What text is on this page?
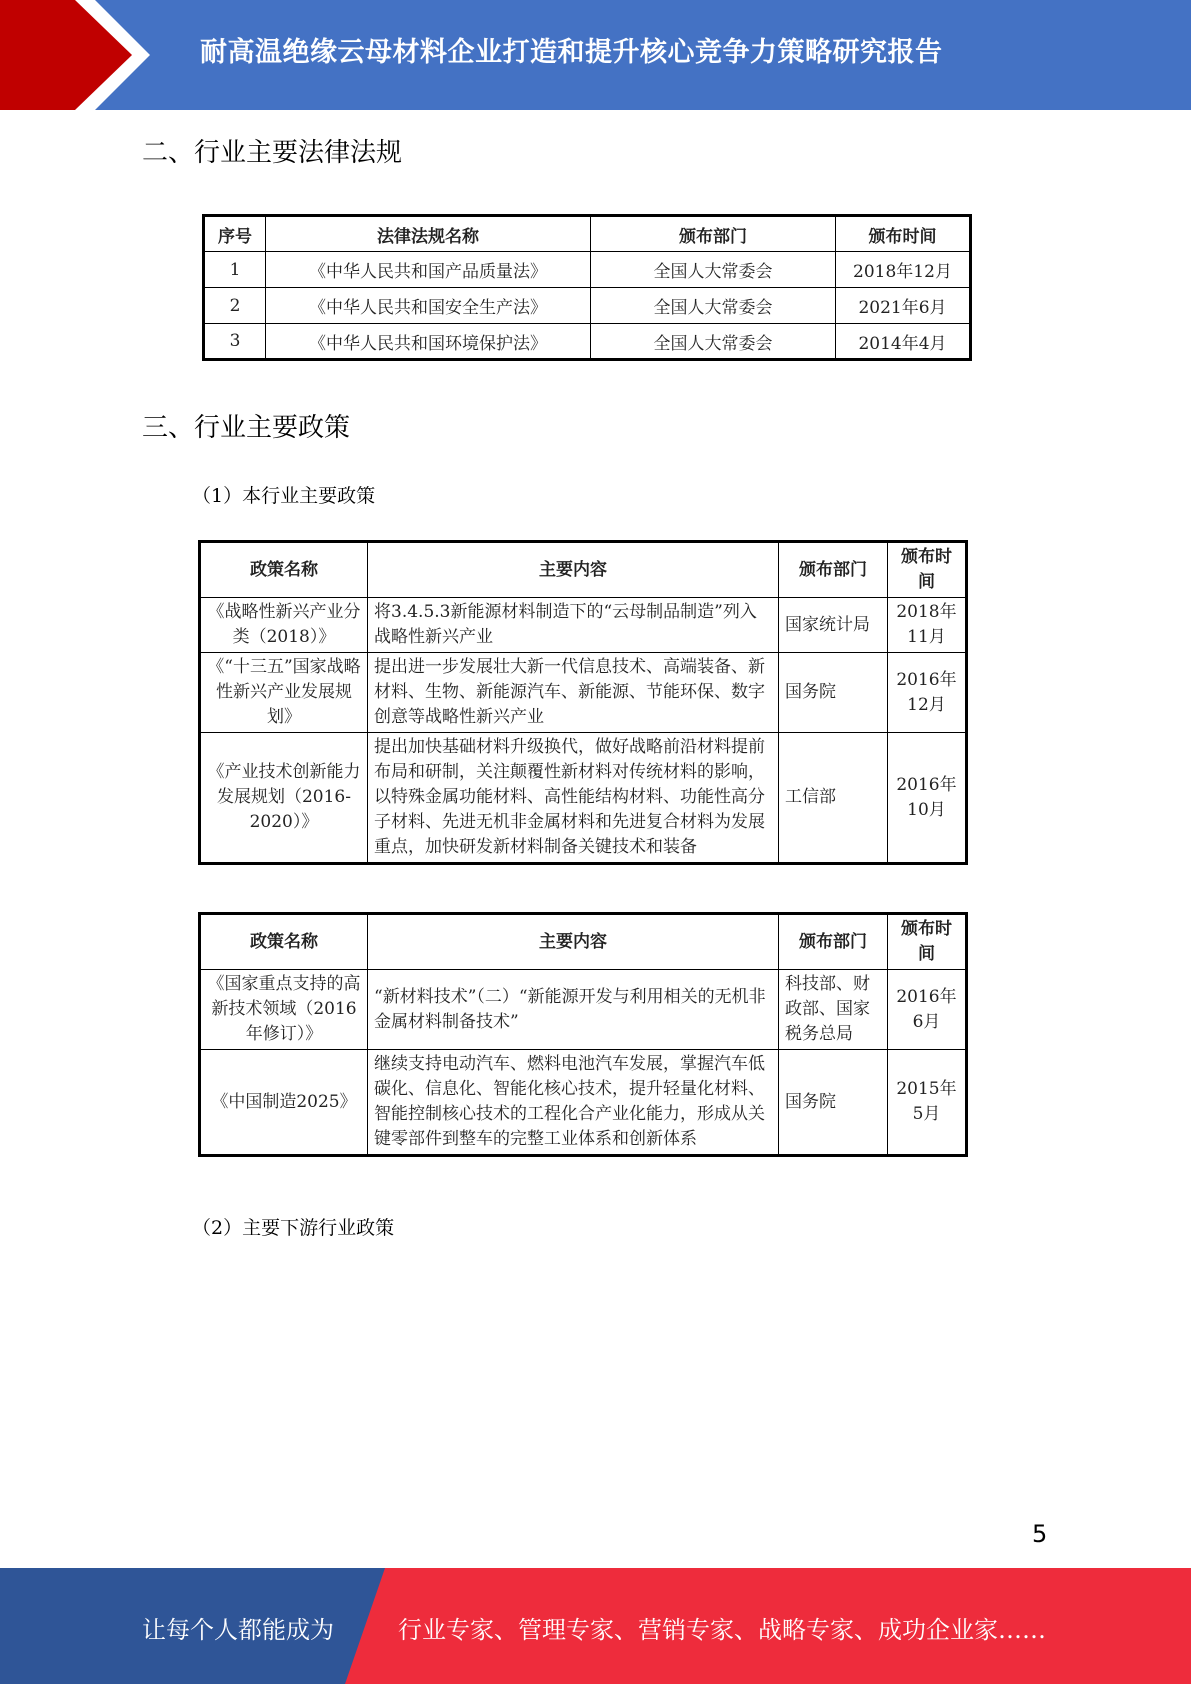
耐高温绝缘云母材料企业打造和提升核心竞争力策略研究报告
二、行业主要法律法规
序号	法律法规名称	颁布部门	颁布时间
1	《中华人民共和国产品质量法》	全国人大常委会	2018年12月
2	《中华人民共和国安全生产法》	全国人大常委会	2021年6月
3	《中华人民共和国环境保护法》	全国人大常委会	2014年4月
三、行业主要政策
（1）本行业主要政策
政策名称	主要内容	颁布部门	颁布时间
《战略性新兴产业分类（2018）》	将3.4.5.3新能源材料制造下的“云母制品制造”列入战略性新兴产业	国家统计局	2018年11月
《“十三五”国家战略性新兴产业发展规划》	提出进一步发展壮大新一代信息技术、高端装备、新材料、生物、新能源汽车、新能源、节能环保、数字创意等战略性新兴产业	国务院	2016年12月
《产业技术创新能力发展规划（2016-2020）》	提出加快基础材料升级换代，做好战略前沿材料提前布局和研制，关注颠覆性新材料对传统材料的影响，以特殊金属功能材料、高性能结构材料、功能性高分子材料、先进无机非金属材料和先进复合材料为发展重点，加快研发新材料制备关键技术和装备	工信部	2016年10月
政策名称	主要内容	颁布部门	颁布时间
《国家重点支持的高新技术领域（2016年修订）》	“新材料技术”（二）“新能源开发与利用相关的无机非金属材料制备技术”	科技部、财政部、国家税务总局	2016年6月
《中国制造2025》	继续支持电动汽车、燃料电池汽车发展，掌握汽车低碳化、信息化、智能化核心技术，提升轻量化材料、智能控制核心技术的工程化合产业化能力，形成从关键零部件到整车的完整工业体系和创新体系	国务院	2015年5月
（2）主要下游行业政策
5
让每个人都能成为	行业专家、管理专家、营销专家、战略专家、成功企业家……
